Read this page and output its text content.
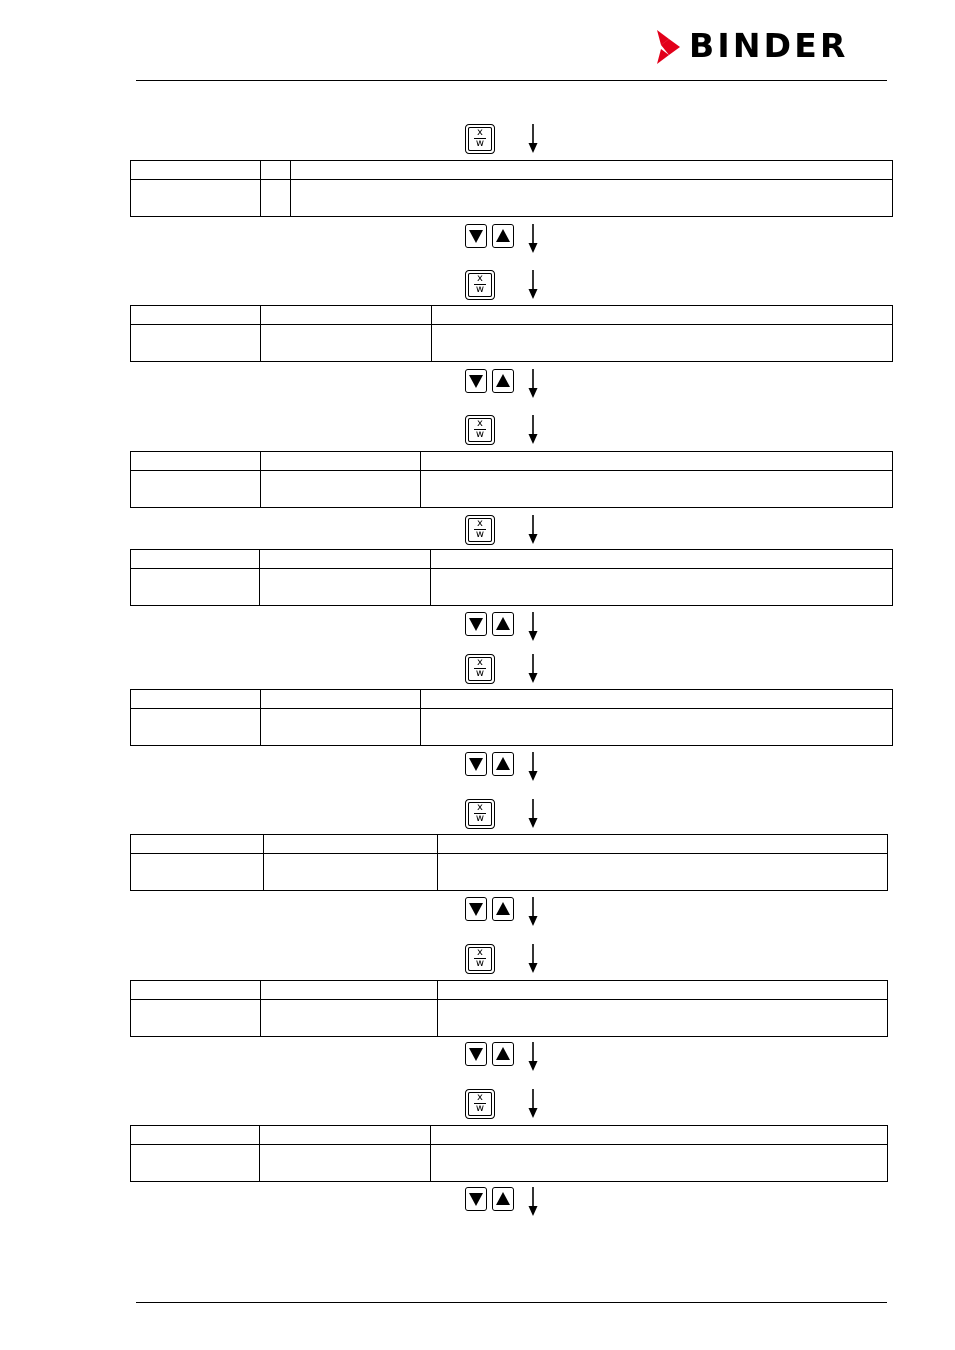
BINDER
x
w

x
w

x
w

x
w

x
w

x
w

x
w

x
w
